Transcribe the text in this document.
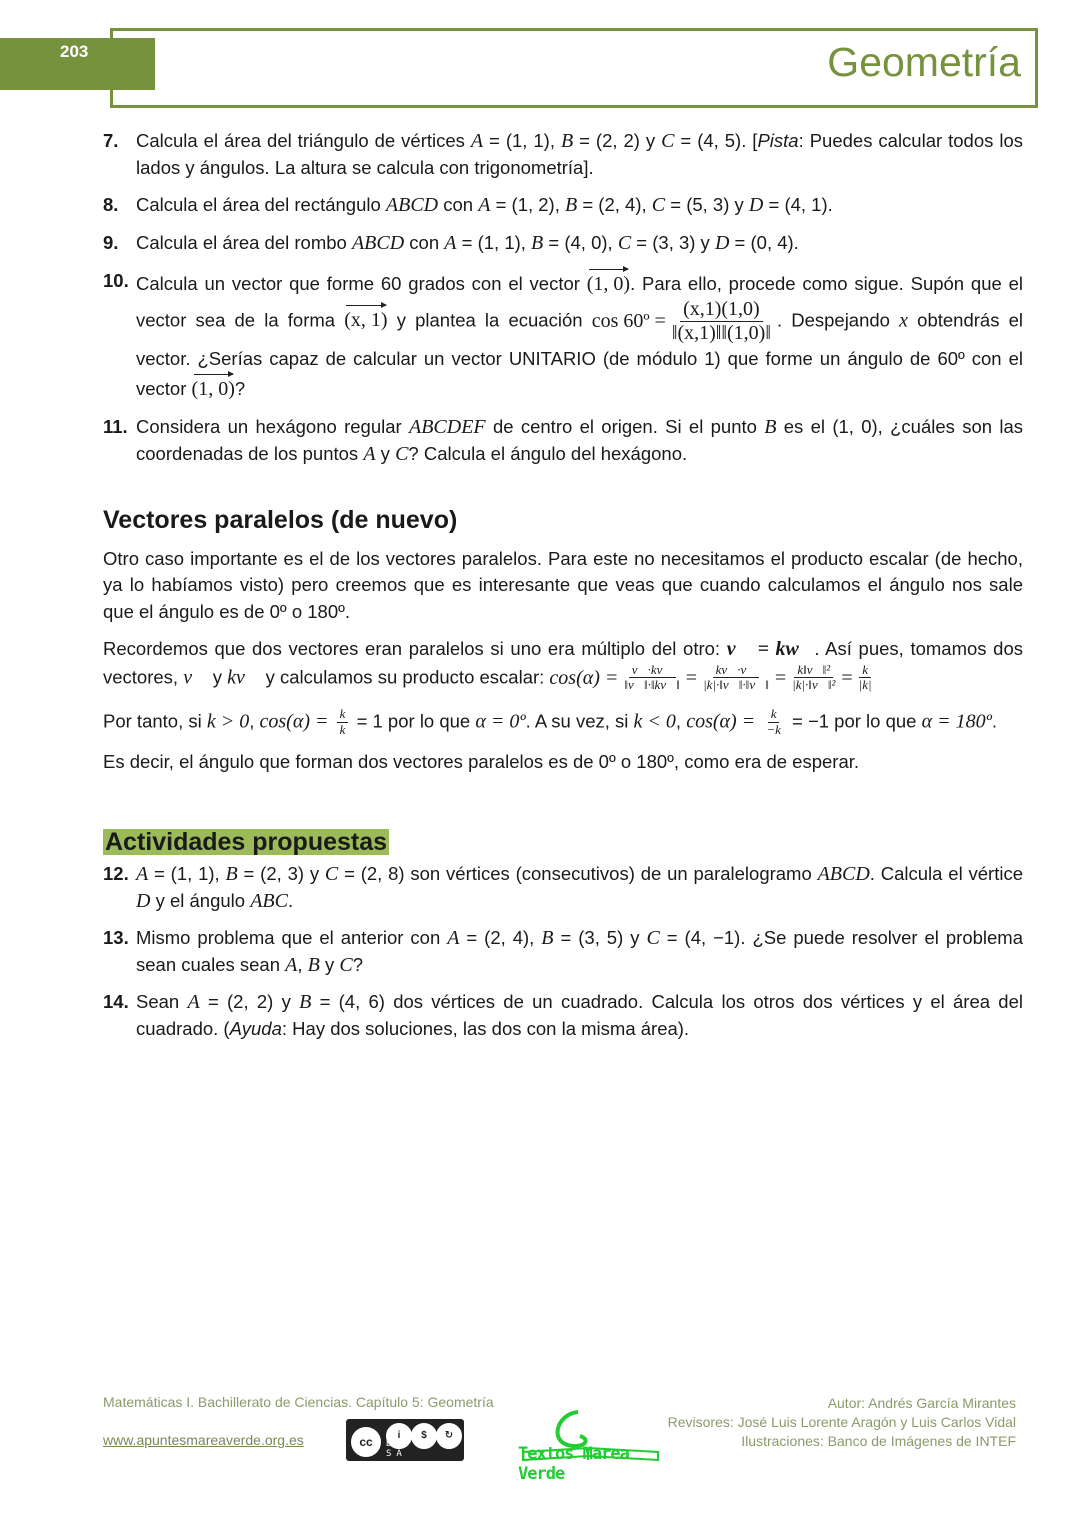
203	Geometría
7. Calcula el área del triángulo de vértices A = (1, 1), B = (2, 2) y C = (4, 5). [Pista: Puedes calcular todos los lados y ángulos. La altura se calcula con trigonometría].
8. Calcula el área del rectángulo ABCD con A = (1, 2), B = (2, 4), C = (5, 3) y D = (4, 1).
9. Calcula el área del rombo ABCD con A = (1, 1), B = (4, 0), C = (3, 3) y D = (0, 4).
10. Calcula un vector que forme 60 grados con el vector (1, 0). Para ello, procede como sigue. Supón que el vector sea de la forma (x, 1) y plantea la ecuación cos 60º = $\frac{(x,1)(1,0)}{‖(x,1)‖‖(1,0)‖}$ . Despejando x obtendrás el vector. ¿Serías capaz de calcular un vector UNITARIO (de módulo 1) que forme un ángulo de 60º con el vector (1, 0)?
11. Considera un hexágono regular ABCDEF de centro el origen. Si el punto B es el (1, 0), ¿cuáles son las coordenadas de los puntos A y C? Calcula el ángulo del hexágono.
Vectores paralelos (de nuevo)

Otro caso importante es el de los vectores paralelos. Para este no necesitamos el producto escalar (de hecho, ya lo habíamos visto) pero creemos que es interesante que veas que cuando calculamos el ángulo nos sale que el ángulo es de 0º o 180º.

Recordemos que dos vectores eran paralelos si uno era múltiplo del otro: v⃗ = kw⃗. Así pues, tomamos dos vectores, v⃗ y kv⃗ y calculamos su producto escalar: $\cos(\alpha) = \frac{v⃗\cdot kv⃗}{‖v⃗‖\cdot‖kv⃗‖} = \frac{kv⃗\cdot v⃗}{|k|\cdot‖v⃗‖\cdot‖v⃗‖} = \frac{\text{k‖v⃗‖²}}{\text{|k|·‖v⃗‖²}} = \frac{k}{|k|}$

Por tanto, si k > 0, $\cos(\alpha) = \frac{k}{k} = 1$ por lo que α = 0º. A su vez, si k < 0, $\cos(\alpha) = \frac{k}{-k} = -1$ por lo que α = 180º.

Es decir, el ángulo que forman dos vectores paralelos es de 0º o 180º, como era de esperar.

Actividades propuestas
12. A = (1, 1), B = (2, 3) y C = (2, 8) son vértices (consecutivos) de un paralelogramo ABCD. Calcula el vértice D y el ángulo ABC.
13. Mismo problema que el anterior con A = (2, 4), B = (3, 5) y C = (4, −1). ¿Se puede resolver el problema sean cuales sean A, B y C?
14. Sean A = (2, 2) y B = (4, 6) dos vértices de un cuadrado. Calcula los otros dos vértices y el área del cuadrado. (Ayuda: Hay dos soluciones, las dos con la misma área).
Matemáticas I. Bachillerato de Ciencias. Capítulo 5: Geometría
www.apuntesmareaverde.org.es	cc	i	$	↻
BY NC SA	Textos Marea Verde
Autor: Andrés García Mirantes
Revisores: José Luis Lorente Aragón y Luis Carlos Vidal
Ilustraciones: Banco de Imágenes de INTEF
